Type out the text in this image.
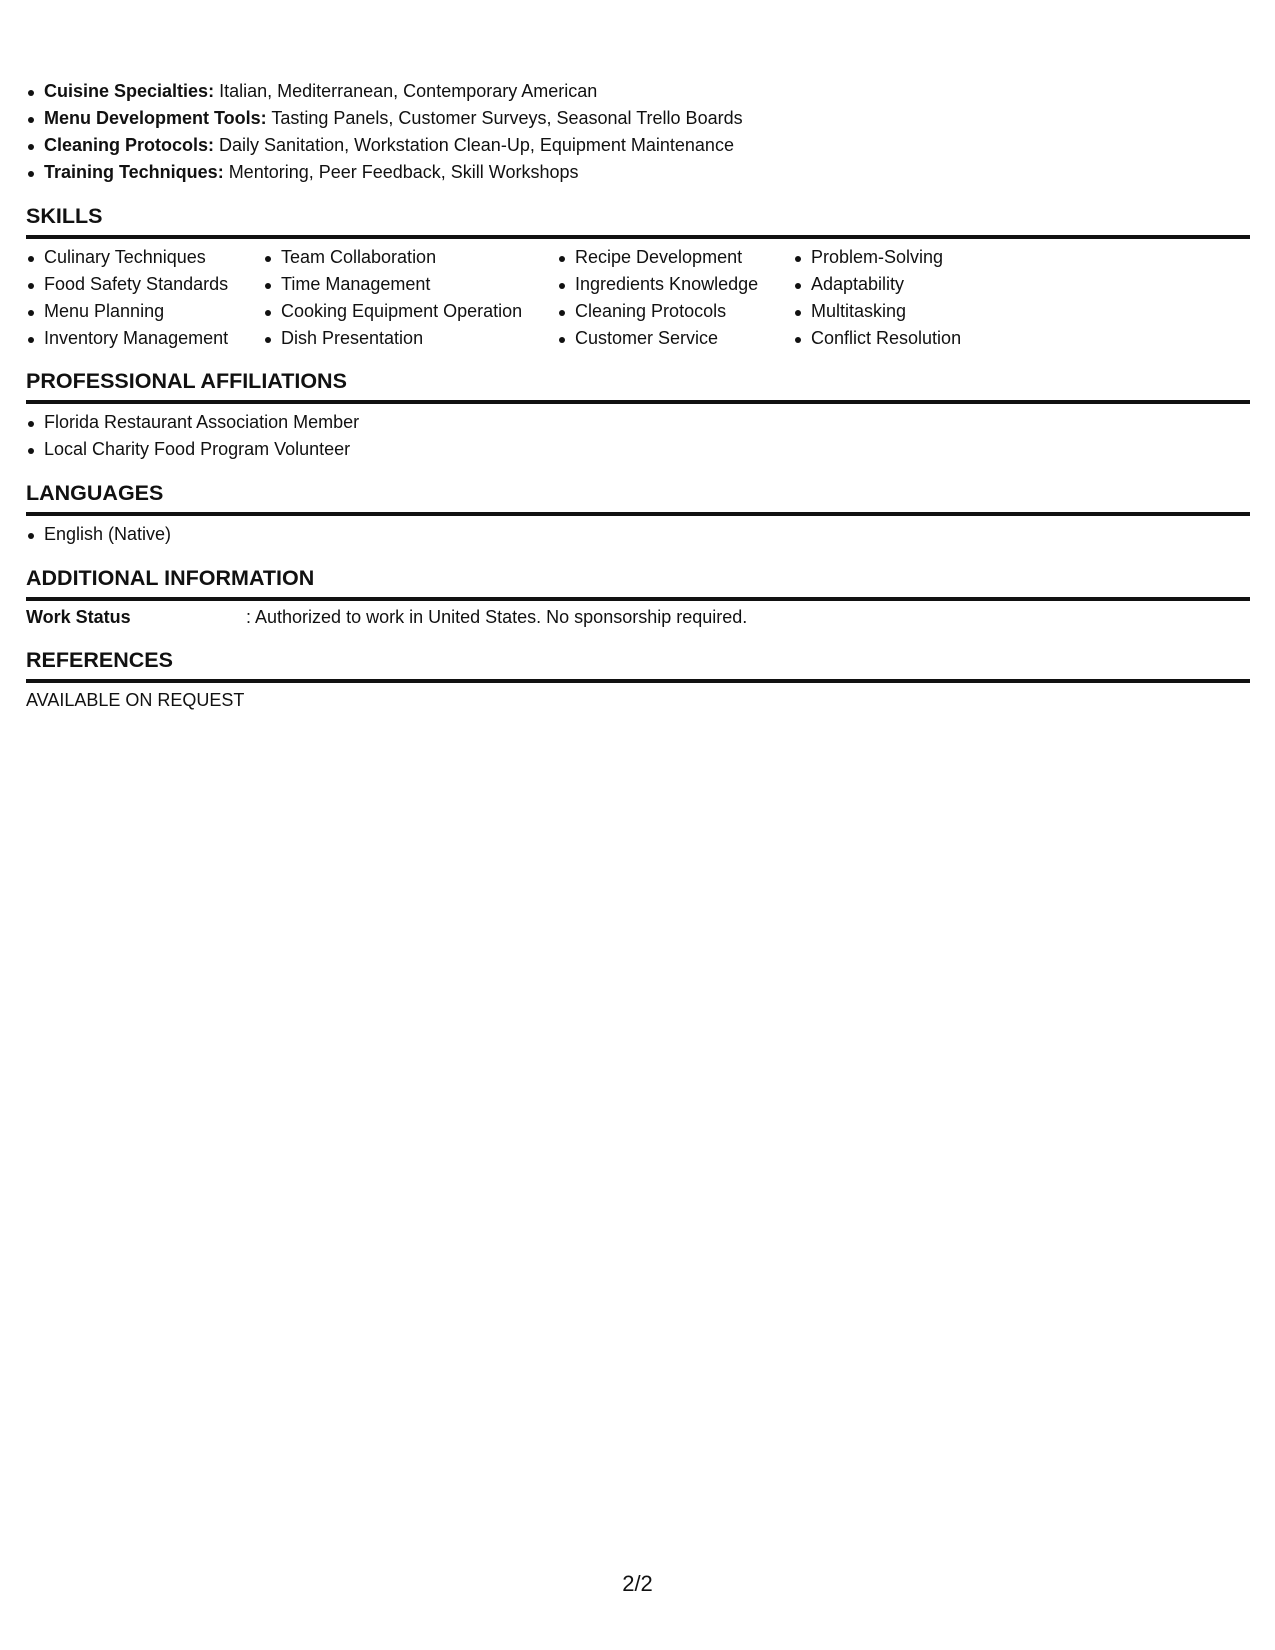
Cuisine Specialties: Italian, Mediterranean, Contemporary American
Menu Development Tools: Tasting Panels, Customer Surveys, Seasonal Trello Boards
Cleaning Protocols: Daily Sanitation, Workstation Clean-Up, Equipment Maintenance
Training Techniques: Mentoring, Peer Feedback, Skill Workshops
SKILLS
Culinary Techniques
Food Safety Standards
Menu Planning
Inventory Management
Team Collaboration
Time Management
Cooking Equipment Operation
Dish Presentation
Recipe Development
Ingredients Knowledge
Cleaning Protocols
Customer Service
Problem-Solving
Adaptability
Multitasking
Conflict Resolution
PROFESSIONAL AFFILIATIONS
Florida Restaurant Association Member
Local Charity Food Program Volunteer
LANGUAGES
English (Native)
ADDITIONAL INFORMATION
Work Status	: Authorized to work in United States. No sponsorship required.
REFERENCES
AVAILABLE ON REQUEST
2/2
